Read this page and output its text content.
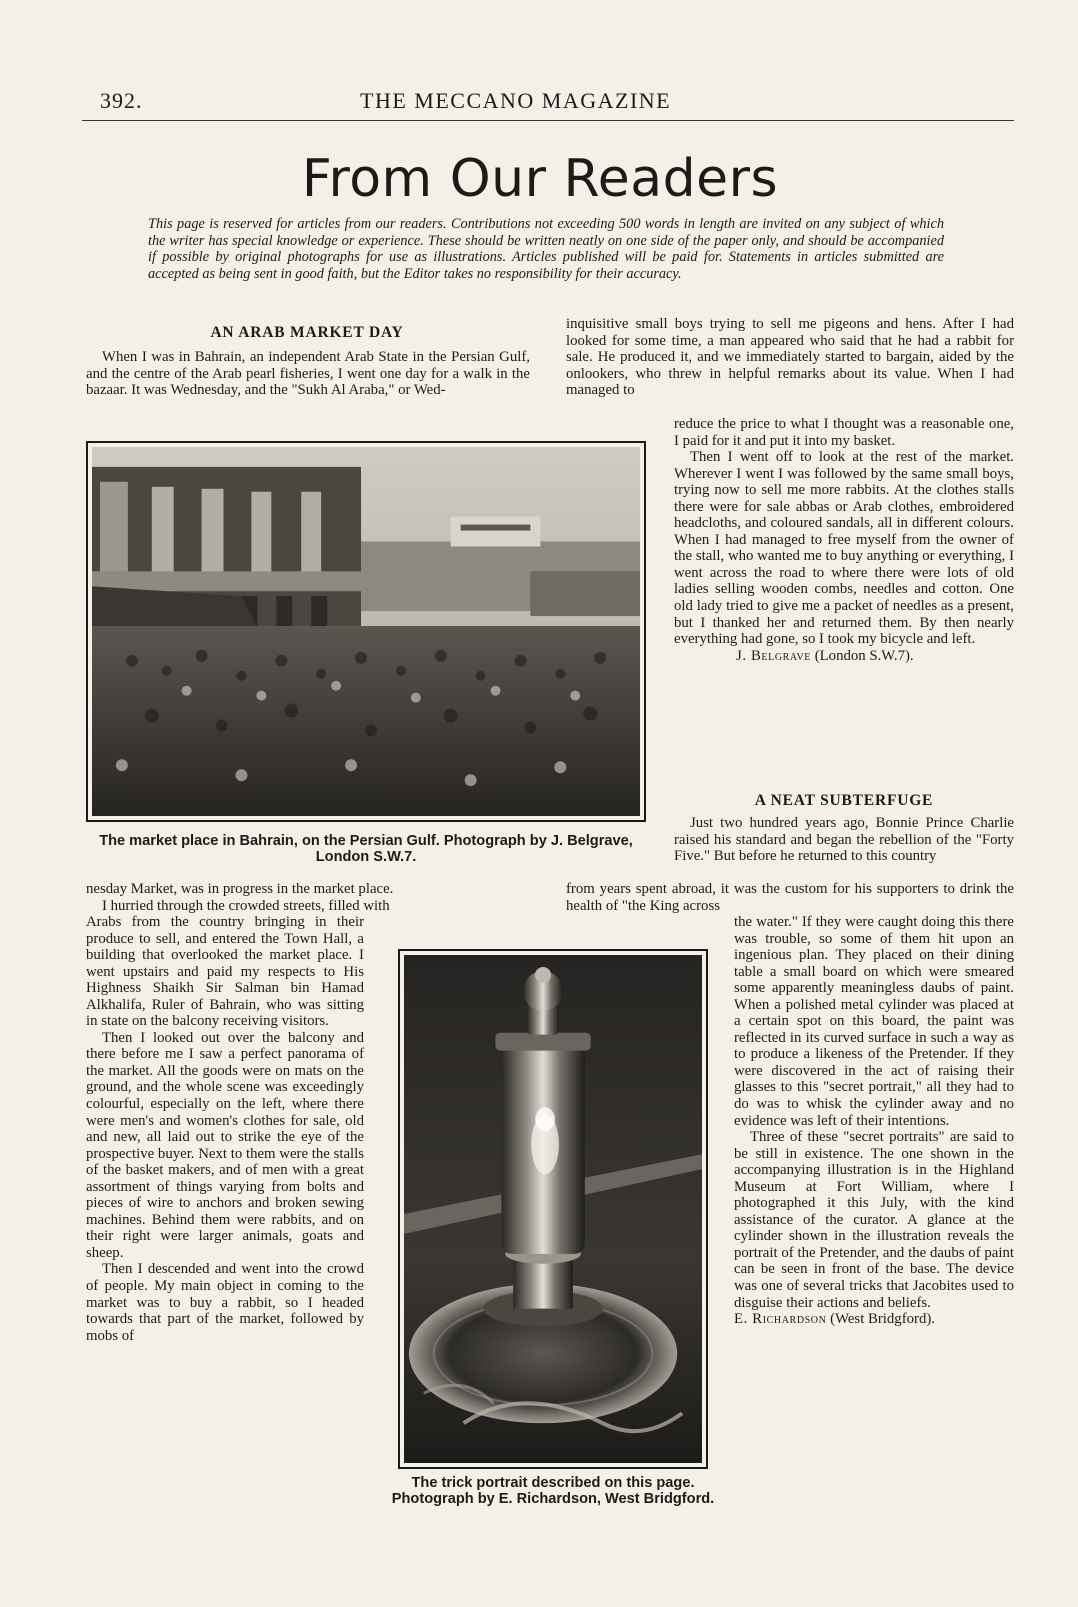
392.	THE MECCANO MAGAZINE
From Our Readers

This page is reserved for articles from our readers. Contributions not exceeding 500 words in length are invited on any subject of which the writer has special knowledge or experience. These should be written neatly on one side of the paper only, and should be accompanied if possible by original photographs for use as illustrations. Articles published will be paid for. Statements in articles submitted are accepted as being sent in good faith, but the Editor takes no responsibility for their accuracy.

AN ARAB MARKET DAY

When I was in Bahrain, an independent Arab State in the Persian Gulf, and the centre of the Arab pearl fisheries, I went one day for a walk in the bazaar. It was Wednesday, and the "Sukh Al Araba," or Wed-

The market place in Bahrain, on the Persian Gulf. Photograph by J. Belgrave, London S.W.7.

nesday Market, was in progress in the market place.

I hurried through the crowded streets, filled with

Arabs from the country bringing in their produce to sell, and entered the Town Hall, a building that overlooked the market place. I went upstairs and paid my respects to His Highness Shaikh Sir Salman bin Hamad Alkhalifa, Ruler of Bahrain, who was sitting in state on the balcony receiving visitors.

Then I looked out over the balcony and there before me I saw a perfect panorama of the market. All the goods were on mats on the ground, and the whole scene was exceedingly colourful, especially on the left, where there were men's and women's clothes for sale, old and new, all laid out to strike the eye of the prospective buyer. Next to them were the stalls of the basket makers, and of men with a great assortment of things varying from bolts and pieces of wire to anchors and broken sewing machines. Behind them were rabbits, and on their right were larger animals, goats and sheep.

Then I descended and went into the crowd of people. My main object in coming to the market was to buy a rabbit, so I headed towards that part of the market, followed by mobs of

inquisitive small boys trying to sell me pigeons and hens. After I had looked for some time, a man appeared who said that he had a rabbit for sale. He produced it, and we immediately started to bargain, aided by the onlookers, who threw in helpful remarks about its value. When I had managed to

reduce the price to what I thought was a reasonable one, I paid for it and put it into my basket.

Then I went off to look at the rest of the market. Wherever I went I was followed by the same small boys, trying now to sell me more rabbits. At the clothes stalls there were for sale abbas or Arab clothes, embroidered headcloths, and coloured sandals, all in different colours. When I had managed to free myself from the owner of the stall, who wanted me to buy anything or everything, I went across the road to where there were lots of old ladies selling wooden combs, needles and cotton. One old lady tried to give me a packet of needles as a present, but I thanked her and returned them. By then nearly everything had gone, so I took my bicycle and left.

J. Belgrave (London S.W.7).
A NEAT SUBTERFUGE

Just two hundred years ago, Bonnie Prince Charlie raised his standard and began the rebellion of the "Forty Five." But before he returned to this country

from years spent abroad, it was the custom for his supporters to drink the health of "the King across

the water." If they were caught doing this there was trouble, so some of them hit upon an ingenious plan. They placed on their dining table a small board on which were smeared some apparently meaningless daubs of paint. When a polished metal cylinder was placed at a certain spot on this board, the paint was reflected in its curved surface in such a way as to produce a likeness of the Pretender. If they were discovered in the act of raising their glasses to this "secret portrait," all they had to do was to whisk the cylinder away and no evidence was left of their intentions.

Three of these "secret portraits" are said to be still in existence. The one shown in the accompanying illustration is in the Highland Museum at Fort William, where I photographed it this July, with the kind assistance of the curator. A glance at the cylinder shown in the illustration reveals the portrait of the Pretender, and the daubs of paint can be seen in front of the base. The device was one of several tricks that Jacobites used to disguise their actions and beliefs.

E. Richardson (West Bridgford).
The trick portrait described on this page. Photograph by E. Richardson, West Bridgford.
